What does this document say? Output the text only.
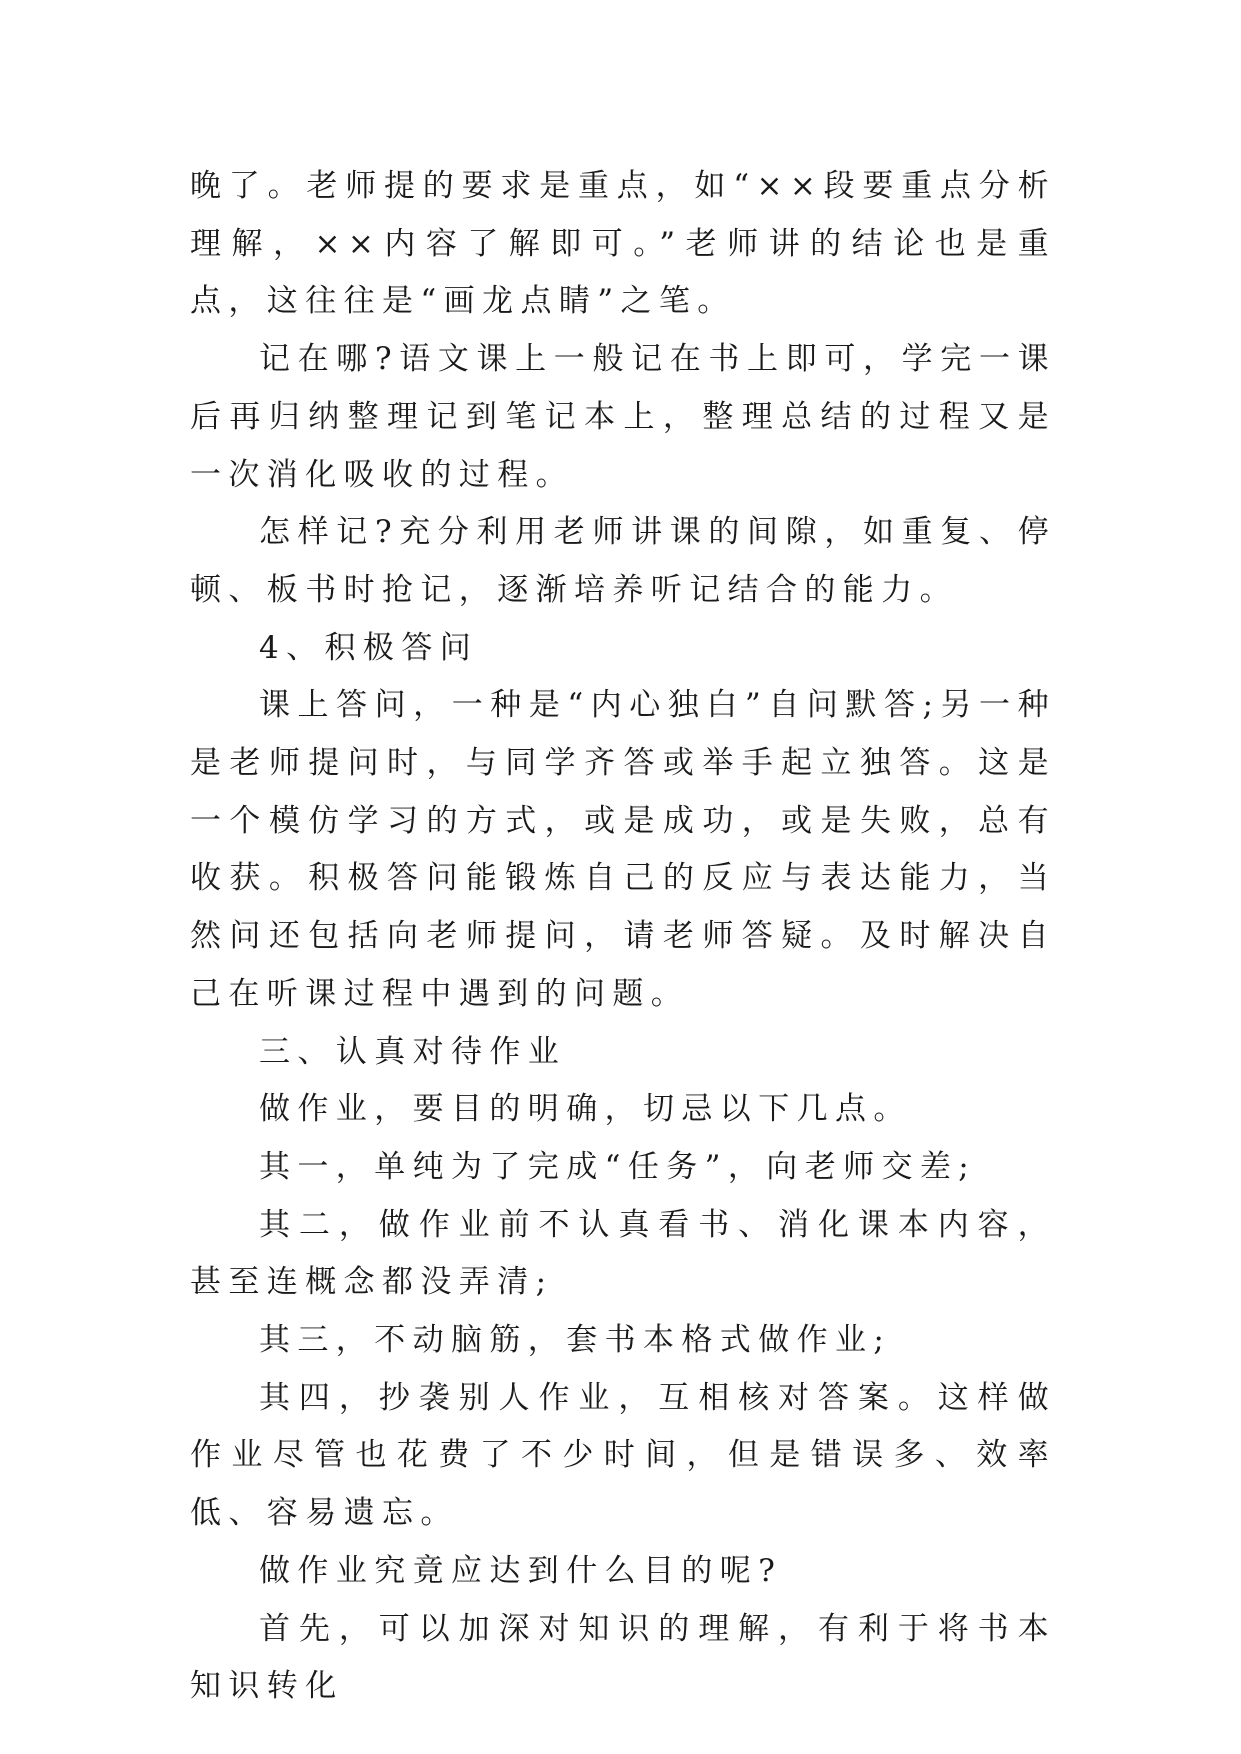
晚了。老师提的要求是重点，如“××段要重点分析理解，××内容了解即可。”老师讲的结论也是重点，这往往是“画龙点睛”之笔。

记在哪?语文课上一般记在书上即可，学完一课后再归纳整理记到笔记本上，整理总结的过程又是一次消化吸收的过程。

怎样记?充分利用老师讲课的间隙，如重复、停顿、板书时抢记，逐渐培养听记结合的能力。

4、积极答问

课上答问，一种是“内心独白”自问默答;另一种是老师提问时，与同学齐答或举手起立独答。这是一个模仿学习的方式，或是成功，或是失败，总有收获。积极答问能锻炼自己的反应与表达能力，当然问还包括向老师提问，请老师答疑。及时解决自己在听课过程中遇到的问题。

三、认真对待作业

做作业，要目的明确，切忌以下几点。

其一，单纯为了完成“任务”，向老师交差;

其二，做作业前不认真看书、消化课本内容，甚至连概念都没弄清;

其三，不动脑筋，套书本格式做作业;

其四，抄袭别人作业，互相核对答案。这样做作业尽管也花费了不少时间，但是错误多、效率低、容易遗忘。

做作业究竟应达到什么目的呢?

首先，可以加深对知识的理解，有利于将书本知识转化
